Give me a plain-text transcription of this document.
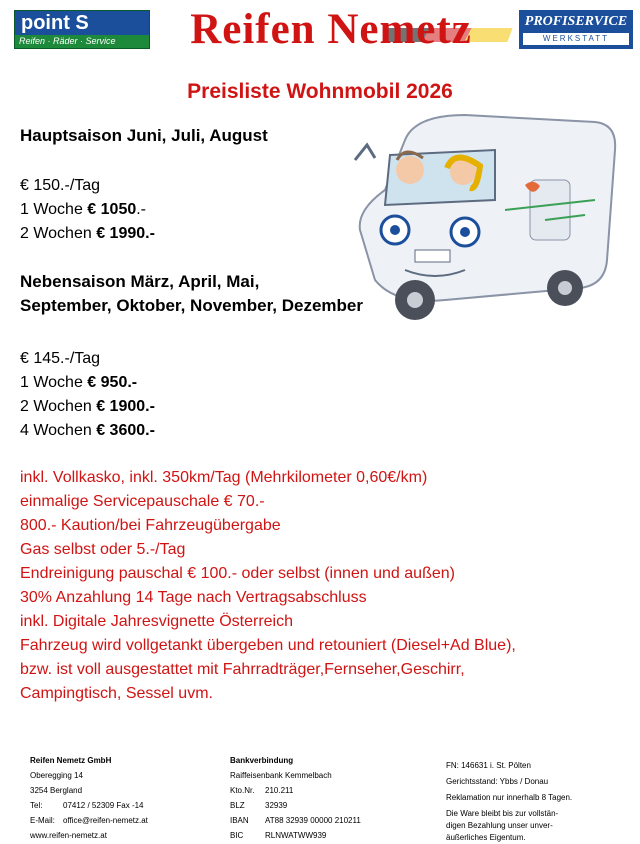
point S
Reifen · Räder · Service	Reifen Nemetz	PROFISERVICE
WERKSTATT
Preisliste Wohnmobil 2026
Hauptsaison Juni, Juli, August
€ 150.-/Tag
1 Woche € 1050.-
2 Wochen € 1990.-
Nebensaison März, April, Mai,
September, Oktober, November, Dezember
€ 145.-/Tag
1 Woche € 950.-
2 Wochen € 1900.-
4 Wochen € 3600.-
inkl. Vollkasko, inkl. 350km/Tag (Mehrkilometer 0,60€/km)
einmalige Servicepauschale € 70.-
800.- Kaution/bei Fahrzeugübergabe
Gas selbst oder 5.-/Tag
Endreinigung pauschal € 100.- oder selbst (innen und außen)
30% Anzahlung 14 Tage nach Vertragsabschluss
inkl. Digitale Jahresvignette Österreich
Fahrzeug wird vollgetankt übergeben und retouniert (Diesel+Ad Blue),
bzw. ist voll ausgestattet mit Fahrradträger,Fernseher,Geschirr,
Campingtisch, Sessel uvm.
Reifen Nemetz GmbH
Oberegging 14
3254 Bergland
Tel:	07412 / 52309 Fax -14
E-Mail: office@reifen-nemetz.at
www.reifen-nemetz.at
Bankverbindung
Raiffeisenbank Kemmelbach
Kto.Nr. 210.211
BLZ	32939
IBAN AT88 32939 00000 210211
BIC	RLNWATWW939
FN: 146631 i. St. Pölten
Gerichtsstand: Ybbs / Donau
Reklamation nur innerhalb 8 Tagen.
Die Ware bleibt bis zur vollstän-
digen Bezahlung unser unver-
äußerliches Eigentum.
